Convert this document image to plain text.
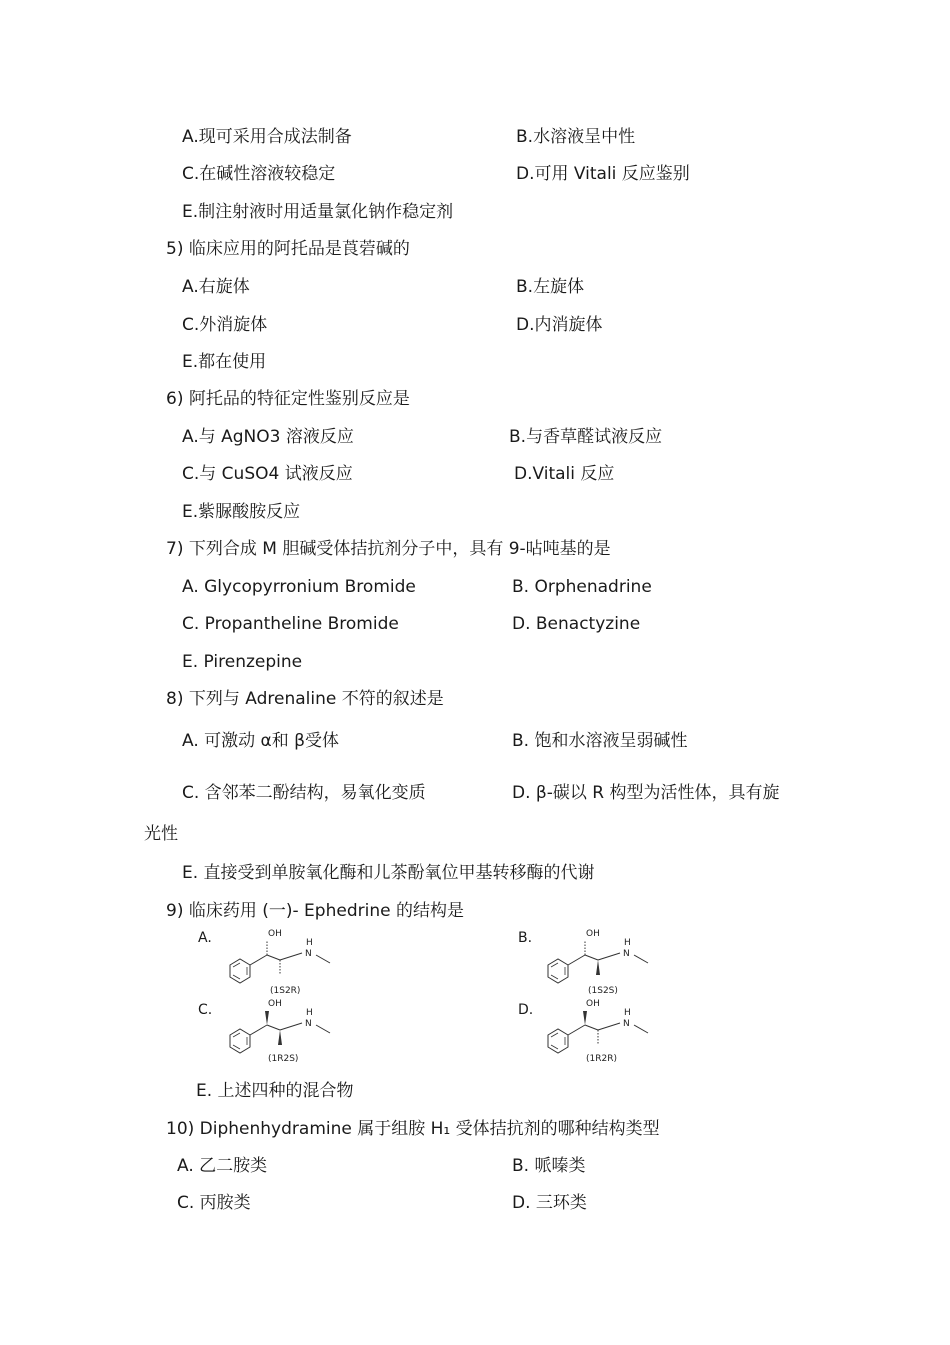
A.现可采用合成法制备	B.水溶液呈中性
C.在碱性溶液较稳定	D.可用 Vitali 反应鉴别
E.制注射液时用适量氯化钠作稳定剂
5) 临床应用的阿托品是莨菪碱的
A.右旋体	B.左旋体
C.外消旋体	D.内消旋体
E.都在使用
6) 阿托品的特征定性鉴别反应是
A.与 AgNO3 溶液反应	B.与香草醛试液反应
C.与 CuSO4 试液反应	D.Vitali 反应
E.紫脲酸胺反应
7) 下列合成 M 胆碱受体拮抗剂分子中，具有 9-呫吨基的是
A. Glycopyrronium Bromide	B. Orphenadrine
C. Propantheline Bromide	D. Benactyzine
E. Pirenzepine
8) 下列与 Adrenaline 不符的叙述是
A. 可激动 α和 β受体	B. 饱和水溶液呈弱碱性
C. 含邻苯二酚结构，易氧化变质	D. β-碳以 R 构型为活性体，具有旋
光性
E. 直接受到单胺氧化酶和儿茶酚氧位甲基转移酶的代谢
9) 临床药用 (一)- Ephedrine 的结构是
A.	B.
C.	D.
OH
H
N
(1S2R)
OH
H
N
(1S2S)
OH
H
N
(1R2S)
OH
H
N
(1R2R)
E. 上述四种的混合物
10) Diphenhydramine 属于组胺 H₁ 受体拮抗剂的哪种结构类型
A. 乙二胺类	B. 哌嗪类
C. 丙胺类	D. 三环类
